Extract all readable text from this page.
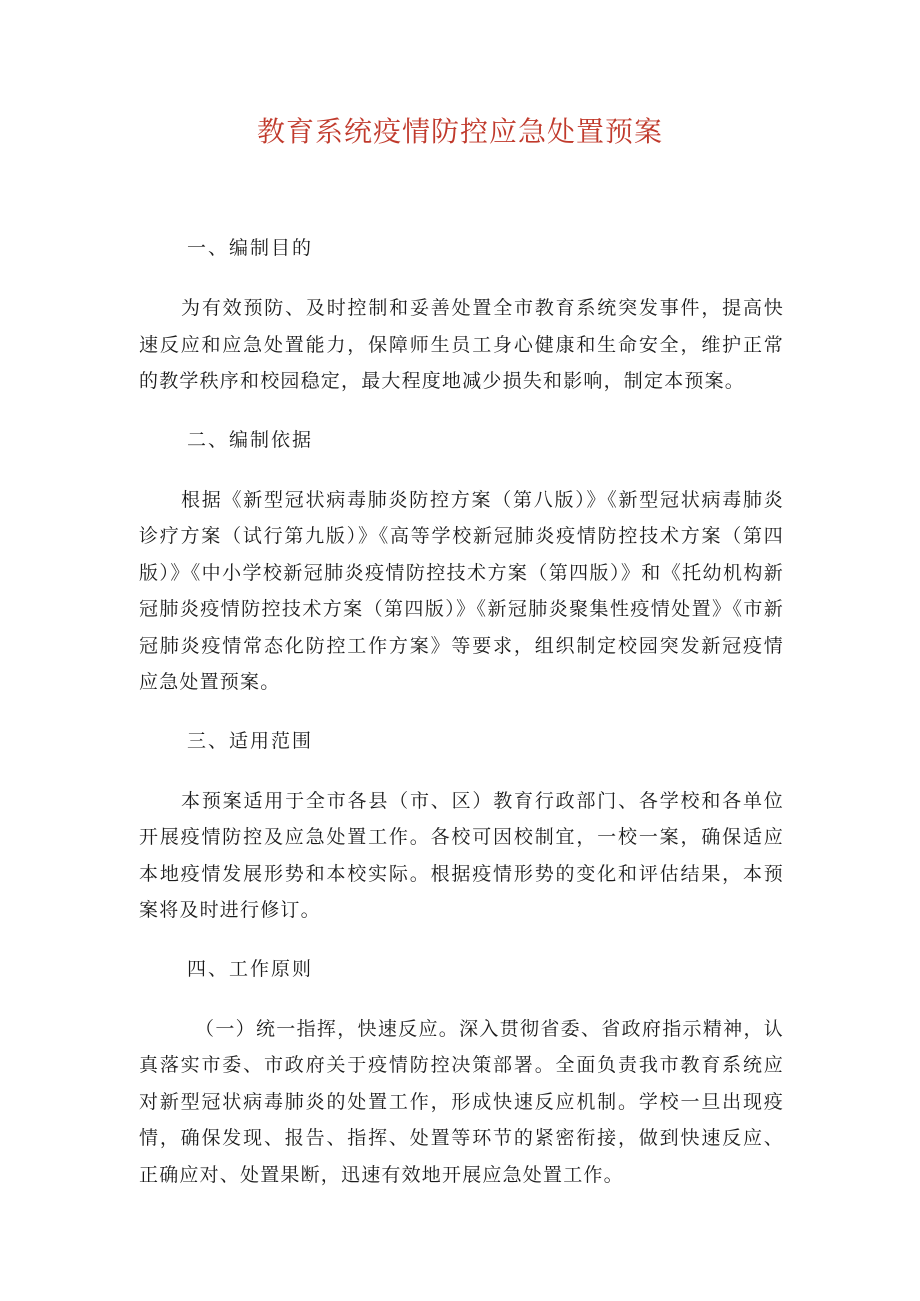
教育系统疫情防控应急处置预案
一、编制目的

为有效预防、及时控制和妥善处置全市教育系统突发事件，提高快速反应和应急处置能力，保障师生员工身心健康和生命安全，维护正常的教学秩序和校园稳定，最大程度地减少损失和影响，制定本预案。

二、编制依据

根据《新型冠状病毒肺炎防控方案（第八版）》《新型冠状病毒肺炎诊疗方案（试行第九版）》《高等学校新冠肺炎疫情防控技术方案（第四版）》《中小学校新冠肺炎疫情防控技术方案（第四版）》和《托幼机构新冠肺炎疫情防控技术方案（第四版）》《新冠肺炎聚集性疫情处置》《市新冠肺炎疫情常态化防控工作方案》等要求，组织制定校园突发新冠疫情应急处置预案。

三、适用范围

本预案适用于全市各县（市、区）教育行政部门、各学校和各单位开展疫情防控及应急处置工作。各校可因校制宜，一校一案，确保适应本地疫情发展形势和本校实际。根据疫情形势的变化和评估结果，本预案将及时进行修订。

四、工作原则

（一）统一指挥，快速反应。深入贯彻省委、省政府指示精神，认真落实市委、市政府关于疫情防控决策部署。全面负责我市教育系统应对新型冠状病毒肺炎的处置工作，形成快速反应机制。学校一旦出现疫情，确保发现、报告、指挥、处置等环节的紧密衔接，做到快速反应、正确应对、处置果断，迅速有效地开展应急处置工作。
